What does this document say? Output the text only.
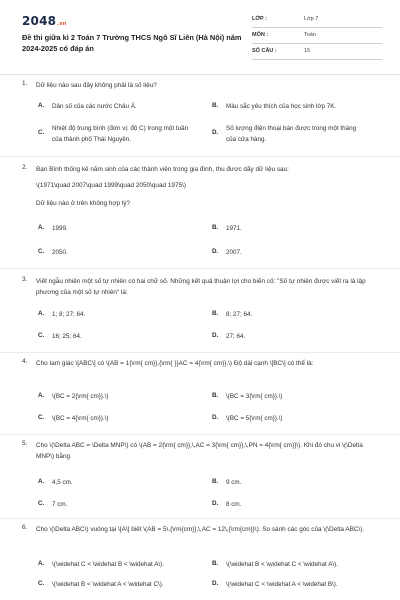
2048.vn
Đề thi giữa kì 2 Toán 7 Trường THCS Ngô Sĩ Liên (Hà Nội) năm 2024-2025 có đáp án
LỚP :	Lớp 7
MÔN :	Toán
SỐ CÂU :	15
1. Dữ liệu nào sau đây không phải là số liệu?
A. Dân số của các nước Châu Á.	B. Màu sắc yêu thích của học sinh lớp 7K.
C.
Nhiệt độ trung bình (đơn vị: độ C) trong một tuần của thành phố Thái Nguyên.
D.
Số lượng điện thoại bán được trong một tháng của cửa hàng.
2. Bạn Bình thống kê năm sinh của các thành viên trong gia đình, thu được dãy dữ liệu sau:
\(1971\quad 2007\quad 1999\quad 2050\quad 1975\)
Dữ liệu nào ở trên không hợp lý?
A. 1999.	B. 1971.
C. 2050.	D. 2007.
3. Viết ngẫu nhiên một số tự nhiên có hai chữ số. Những kết quả thuận lợi cho biến cố: "Số tự nhiên được viết ra là lập phương của một số tự nhiên" là:
A. 1; 8; 27; 64.	B. 8; 27; 64.
C. 16; 25; 64.	D. 27; 64.
4. Cho tam giác \[ABC\] có \(AB = 1{\rm{ cm}},{\rm{ }}AC = 4{\rm{ cm}}.\) Độ dài cạnh \[BC\] có thể là:
A. \(BC = 2{\rm{ cm}}.\)	B. \(BC = 3{\rm{ cm}}.\)
C. \(BC = 4{\rm{ cm}}.\)	D. \(BC = 5{\rm{ cm}}.\)
5. Cho \(\Delta ABC = \Delta MNP\) có \(AB = 2{\rm{ cm}},\,AC = 3{\rm{ cm}},\,PN = 4{\rm{ cm}}\). Khi đó chu vi \(\Delta MNP\) bằng
A. 4,5 cm.	B. 9 cm.
C. 7 cm.	D. 8 cm.
6. Cho \(\Delta ABC\) vuông tại \[A\] biết \(AB = 5\,{\rm{cm}},\,AC = 12\,{\rm{cm}}\). So sánh các góc của \(\Delta ABC\).
A. \(\widehat C < \widehat B < \widehat A\).	B. \(\widehat B < \widehat C < \widehat A\).
C. \(\widehat B < \widehat A < \widehat C\).	D. \(\widehat C < \widehat A < \widehat B\).
